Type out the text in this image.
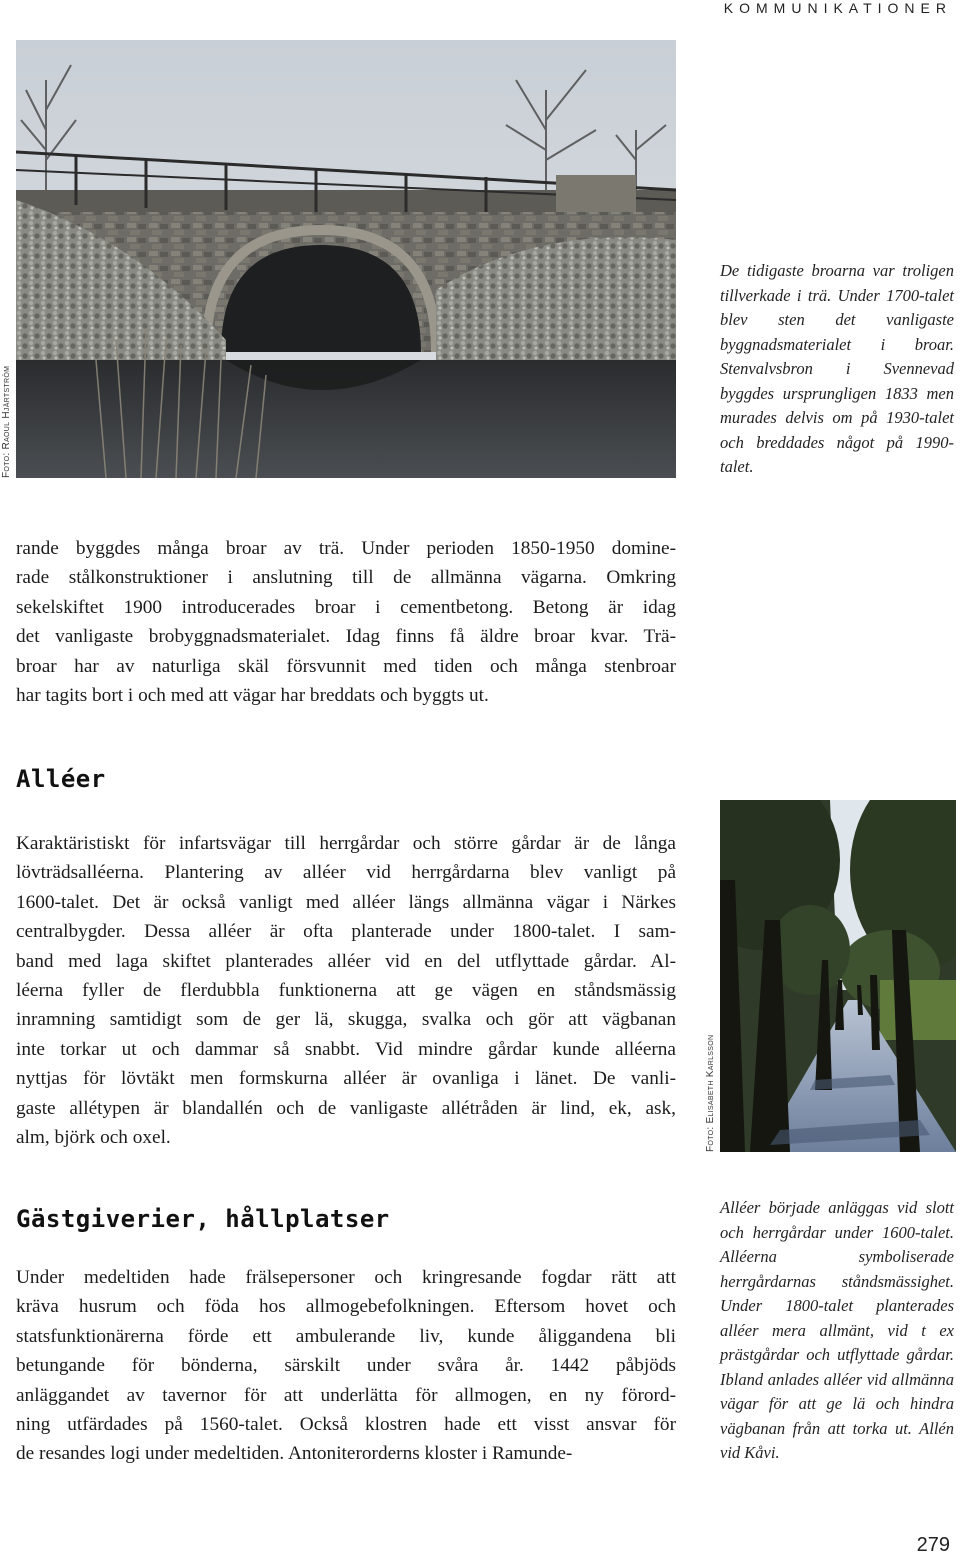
KOMMUNIKATIONER
Foto: Raoul Hjärtström
De tidigaste broarna var troligen tillverkade i trä. Under 1700-talet blev sten det vanligaste byggnadsmaterialet i broar. Stenvalvsbron i Svennevad byggdes ursprungligen 1833 men murades delvis om på 1930-talet och breddades något på 1990-talet.
rande byggdes många broar av trä. Under perioden 1850-1950 domine-
rade stålkonstruktioner i anslutning till de allmänna vägarna. Omkring
sekelskiftet 1900 introducerades broar i cementbetong. Betong är idag
det vanligaste brobyggnadsmaterialet. Idag finns få äldre broar kvar. Trä-
broar har av naturliga skäl försvunnit med tiden och många stenbroar
har tagits bort i och med att vägar har breddats och byggts ut.
Alléer
Karaktäristiskt för infartsvägar till herrgårdar och större gårdar är de långa
lövträdsalléerna. Plantering av alléer vid herrgårdarna blev vanligt på
1600-talet. Det är också vanligt med alléer längs allmänna vägar i Närkes
centralbygder. Dessa alléer är ofta planterade under 1800-talet. I sam-
band med laga skiftet planterades alléer vid en del utflyttade gårdar. Al-
léerna fyller de flerdubbla funktionerna att ge vägen en ståndsmässig
inramning samtidigt som de ger lä, skugga, svalka och gör att vägbanan
inte torkar ut och dammar så snabbt. Vid mindre gårdar kunde alléerna
nyttjas för lövtäkt men formskurna alléer är ovanliga i länet. De vanli-
gaste allétypen är blandallén och de vanligaste allétråden är lind, ek, ask,
alm, björk och oxel.	Foto: Elisabeth Karlsson
Gästgiverier, hållplatser
Under medeltiden hade frälsepersoner och kringresande fogdar rätt att
kräva husrum och föda hos allmogebefolkningen. Eftersom hovet och
statsfunktionärerna förde ett ambulerande liv, kunde åliggandena bli
betungande för bönderna, särskilt under svåra år. 1442 påbjöds
anläggandet av tavernor för att underlätta för allmogen, en ny förord-
ning utfärdades på 1560-talet. Också klostren hade ett visst ansvar för
de resandes logi under medeltiden. Antoniterorderns kloster i Ramunde-
Alléer började anläggas vid slott och herrgårdar under 1600-talet. Alléerna symboliserade herrgårdarnas ståndsmässighet. Under 1800-talet planterades alléer mera allmänt, vid t ex prästgårdar och utflyttade gårdar. Ibland anlades alléer vid allmänna vägar för att ge lä och hindra vägbanan från att torka ut. Allén vid Kåvi.
279
